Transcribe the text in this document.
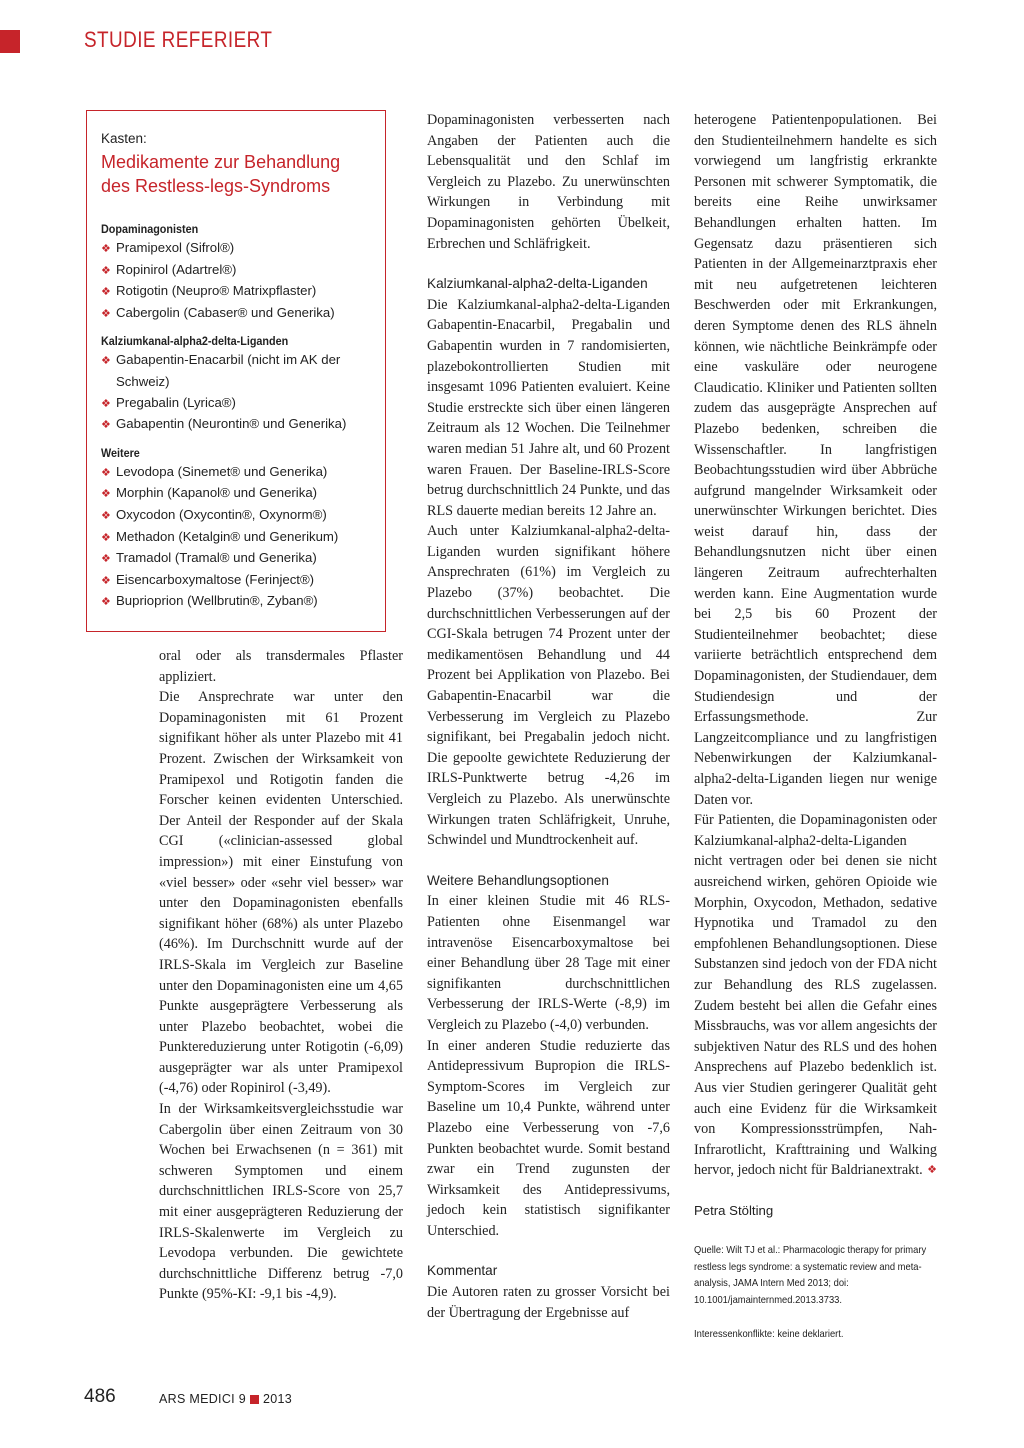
STUDIE REFERIERT
Kasten:
Medikamente zur Behandlung des Restless-legs-Syndroms
Dopaminagonisten
❖ Pramipexol (Sifrol®)
❖ Ropinirol (Adartrel®)
❖ Rotigotin (Neupro® Matrixpflaster)
❖ Cabergolin (Cabaser® und Generika)
Kalziumkanal-alpha2-delta-Liganden
❖ Gabapentin-Enacarbil (nicht im AK der Schweiz)
❖ Pregabalin (Lyrica®)
❖ Gabapentin (Neurontin® und Generika)
Weitere
❖ Levodopa (Sinemet® und Generika)
❖ Morphin (Kapanol® und Generika)
❖ Oxycodon (Oxycontin®, Oxynorm®)
❖ Methadon (Ketalgin® und Generikum)
❖ Tramadol (Tramal® und Generika)
❖ Eisencarboxymaltose (Ferinject®)
❖ Buprioprion (Wellbrutin®, Zyban®)

oral oder als transdermales Pflaster appliziert.

Die Ansprechrate war unter den Dopaminagonisten mit 61 Prozent signifikant höher als unter Plazebo mit 41 Prozent. Zwischen der Wirksamkeit von Pramipexol und Rotigotin fanden die Forscher keinen evidenten Unterschied. Der Anteil der Responder auf der Skala CGI («clinician-assessed global impression») mit einer Einstufung von «viel besser» oder «sehr viel besser» war unter den Dopaminagonisten ebenfalls signifikant höher (68%) als unter Plazebo (46%). Im Durchschnitt wurde auf der IRLS-Skala im Vergleich zur Baseline unter den Dopaminagonisten eine um 4,65 Punkte ausgeprägtere Verbesserung als unter Plazebo beobachtet, wobei die Punktereduzierung unter Rotigotin (-6,09) ausgeprägter war als unter Pramipexol (-4,76) oder Ropinirol (-3,49).

In der Wirksamkeitsvergleichsstudie war Cabergolin über einen Zeitraum von 30 Wochen bei Erwachsenen (n = 361) mit schweren Symptomen und einem durchschnittlichen IRLS-Score von 25,7 mit einer ausgeprägteren Reduzierung der IRLS-Skalenwerte im Vergleich zu Levodopa verbunden. Die gewichtete durchschnittliche Differenz betrug -7,0 Punkte (95%-KI: -9,1 bis -4,9).

Dopaminagonisten verbesserten nach Angaben der Patienten auch die Lebensqualität und den Schlaf im Vergleich zu Plazebo. Zu unerwünschten Wirkungen in Verbindung mit Dopaminagonisten gehörten Übelkeit, Erbrechen und Schläfrigkeit.

Kalziumkanal-alpha2-delta-Liganden

Die Kalziumkanal-alpha2-delta-Liganden Gabapentin-Enacarbil, Pregabalin und Gabapentin wurden in 7 randomisierten, plazebokontrollierten Studien mit insgesamt 1096 Patienten evaluiert. Keine Studie erstreckte sich über einen längeren Zeitraum als 12 Wochen. Die Teilnehmer waren median 51 Jahre alt, und 60 Prozent waren Frauen. Der Baseline-IRLS-Score betrug durchschnittlich 24 Punkte, und das RLS dauerte median bereits 12 Jahre an.

Auch unter Kalziumkanal-alpha2-delta-Liganden wurden signifikant höhere Ansprechraten (61%) im Vergleich zu Plazebo (37%) beobachtet. Die durchschnittlichen Verbesserungen auf der CGI-Skala betrugen 74 Prozent unter der medikamentösen Behandlung und 44 Prozent bei Applikation von Plazebo. Bei Gabapentin-Enacarbil war die Verbesserung im Vergleich zu Plazebo signifikant, bei Pregabalin jedoch nicht. Die gepoolte gewichtete Reduzierung der IRLS-Punktwerte betrug -4,26 im Vergleich zu Plazebo. Als unerwünschte Wirkungen traten Schläfrigkeit, Unruhe, Schwindel und Mundtrockenheit auf.

Weitere Behandlungsoptionen

In einer kleinen Studie mit 46 RLS-Patienten ohne Eisenmangel war intravenöse Eisencarboxymaltose bei einer Behandlung über 28 Tage mit einer signifikanten durchschnittlichen Verbesserung der IRLS-Werte (-8,9) im Vergleich zu Plazebo (-4,0) verbunden.

In einer anderen Studie reduzierte das Antidepressivum Bupropion die IRLS-Symptom-Scores im Vergleich zur Baseline um 10,4 Punkte, während unter Plazebo eine Verbesserung von -7,6 Punkten beobachtet wurde. Somit bestand zwar ein Trend zugunsten der Wirksamkeit des Antidepressivums, jedoch kein statistisch signifikanter Unterschied.

Kommentar

Die Autoren raten zu grosser Vorsicht bei der Übertragung der Ergebnisse auf

heterogene Patientenpopulationen. Bei den Studienteilnehmern handelte es sich vorwiegend um langfristig erkrankte Personen mit schwerer Symptomatik, die bereits eine Reihe unwirksamer Behandlungen erhalten hatten. Im Gegensatz dazu präsentieren sich Patienten in der Allgemeinarztpraxis eher mit neu aufgetretenen leichteren Beschwerden oder mit Erkrankungen, deren Symptome denen des RLS ähneln können, wie nächtliche Beinkrämpfe oder eine vaskuläre oder neurogene Claudicatio. Kliniker und Patienten sollten zudem das ausgeprägte Ansprechen auf Plazebo bedenken, schreiben die Wissenschaftler. In langfristigen Beobachtungsstudien wird über Abbrüche aufgrund mangelnder Wirksamkeit oder unerwünschter Wirkungen berichtet. Dies weist darauf hin, dass der Behandlungsnutzen nicht über einen längeren Zeitraum aufrechterhalten werden kann. Eine Augmentation wurde bei 2,5 bis 60 Prozent der Studienteilnehmer beobachtet; diese variierte beträchtlich entsprechend dem Dopaminagonisten, der Studiendauer, dem Studiendesign und der Erfassungsmethode. Zur Langzeitcompliance und zu langfristigen Nebenwirkungen der Kalziumkanal-alpha2-delta-Liganden liegen nur wenige Daten vor.

Für Patienten, die Dopaminagonisten oder Kalziumkanal-alpha2-delta-Liganden nicht vertragen oder bei denen sie nicht ausreichend wirken, gehören Opioide wie Morphin, Oxycodon, Methadon, sedative Hypnotika und Tramadol zu den empfohlenen Behandlungsoptionen. Diese Substanzen sind jedoch von der FDA nicht zur Behandlung des RLS zugelassen. Zudem besteht bei allen die Gefahr eines Missbrauchs, was vor allem angesichts der subjektiven Natur des RLS und des hohen Ansprechens auf Plazebo bedenklich ist. Aus vier Studien geringerer Qualität geht auch eine Evidenz für die Wirksamkeit von Kompressionsstrümpfen, Nah-Infrarotlicht, Krafttraining und Walking hervor, jedoch nicht für Baldrianextrakt. ❖

Petra Stölting

Quelle: Wilt TJ et al.: Pharmacologic therapy for primary restless legs syndrome: a systematic review and meta-analysis, JAMA Intern Med 2013; doi: 10.1001/jamainternmed.2013.3733.

Interessenkonflikte: keine deklariert.

486	ARS MEDICI 9 2013
